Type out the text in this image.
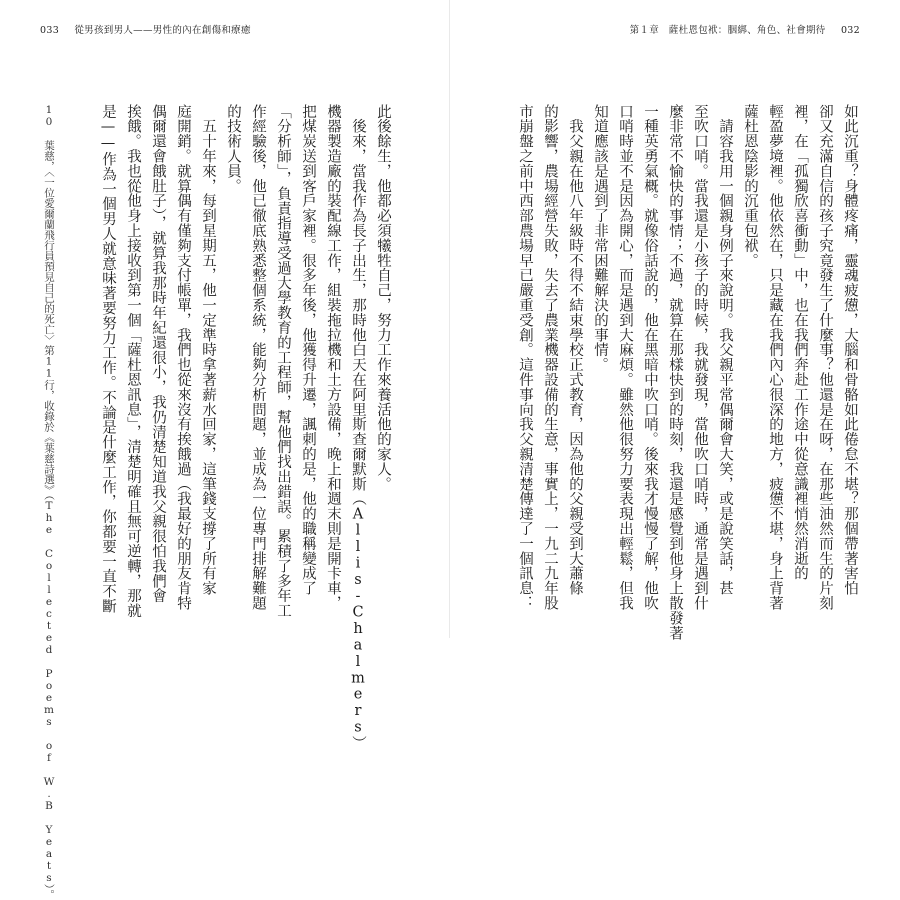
033 從男孩到男人——男性的內在創傷和療癒	第１章　薩杜恩包袱：胭綁、角色、社會期待 032
如此沉重？身體疼痛，靈魂疲憊，大腦和骨骼如此倦怠不堪？那個帶著害怕
卻又充滿自信的孩子究竟發生了什麼事？他還是在呀，在那些油然而生的片刻
裡，在「孤獨欣喜衝動」中，也在我們奔赴工作途中從意識裡悄然消逝的
輕盈夢境裡。他依然在，只是藏在我們內心很深的地方，疲憊不堪，身上背著
薩杜恩陰影的沉重包袱。
　請容我用一個親身例子來說明。我父親平常偶爾會大笑，或是說笑話，甚
至吹口哨。當我還是小孩子的時候，我就發現，當他吹口哨時，通常是遇到什
麼非常不愉快的事情；不過，就算在那樣快到的時刻，我還是感覺到他身上散發著
一種英勇氣概。就像俗話說的，他在黑暗中吹口哨。後來我才慢慢了解，他吹
口哨時並不是因為開心，而是遇到大麻煩。雖然他很努力要表現出輕鬆，但我
知道應該是遇到了非常困難解決的事情。
　我父親在他八年級時不得不結束學校正式教育，因為他的父親受到大蕭條
的影響，農場經營失敗，失去了農業機器設備的生意，事實上，一九二九年股
市崩盤之前中西部農場早已嚴重受創。這件事向我父親清楚傳達了一個訊息：
此後餘生，他都必須犧牲自己，努力工作來養活他的家人。
　後來，當我作為長子出生，那時他白天在阿里斯查爾默斯（Allis-Chalmers）
機器製造廠的裝配線工作，組裝拖拉機和土方設備，晚上和週末則是開卡車，
把煤炭送到客戶家裡。很多年後，他獲得升遷，諷刺的是，他的職稱變成了
「分析師」，負責指導受過大學教育的工程師，幫他們找出錯誤。累積了多年工
作經驗後，他已徹底熟悉整個系統，能夠分析問題，並成為一位專門排解難題
的技術人員。
　五十年來，每到星期五，他一定準時拿著薪水回家，這筆錢支撐了所有家
庭開銷。就算偶有僅夠支付帳單，我們也從來沒有挨餓過（我最好的朋友肯特
偶爾還會餓肚子），就算我那時年紀還很小，我仍清楚知道我父親很怕我們會
挨餓。我也從他身上接收到第一個「薩杜恩訊息」，清楚明確且無可逆轉，那就
是——作為一個男人就意味著要努力工作。不論是什麼工作，你都要一直不斷
10 葉慈，〈一位愛爾蘭飛行員預見自己的死亡〉第11行，收錄於《葉慈詩選》（The Collected Poems of W.B Yeats）。
